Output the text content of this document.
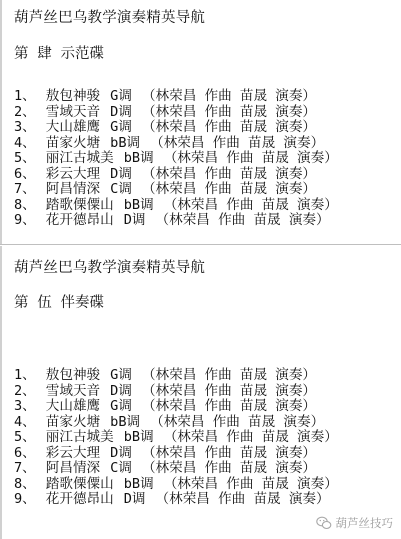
葫芦丝巴乌教学演奏精英导航
第 肆 示范碟
1、 敖包神骏 G调 （林荣昌 作曲 苗晟 演奏）
2、 雪域天音 D调 （林荣昌 作曲 苗晟 演奏）
3、 大山雄鹰 G调 （林荣昌 作曲 苗晟 演奏）
4、 苗家火塘 bB调 （林荣昌 作曲 苗晟 演奏）
5、 丽江古城美 bB调 （林荣昌 作曲 苗晟 演奏）
6、 彩云大理 D调 （林荣昌 作曲 苗晟 演奏）
7、 阿昌情深 C调 （林荣昌 作曲 苗晟 演奏）
8、 踏歌傈僳山 bB调 （林荣昌 作曲 苗晟 演奏）
9、 花开德昂山 D调 （林荣昌 作曲 苗晟 演奏）
葫芦丝巴乌教学演奏精英导航
第 伍 伴奏碟
1、 敖包神骏 G调 （林荣昌 作曲 苗晟 演奏）
2、 雪域天音 D调 （林荣昌 作曲 苗晟 演奏）
3、 大山雄鹰 G调 （林荣昌 作曲 苗晟 演奏）
4、 苗家火塘 bB调 （林荣昌 作曲 苗晟 演奏）
5、 丽江古城美 bB调 （林荣昌 作曲 苗晟 演奏）
6、 彩云大理 D调 （林荣昌 作曲 苗晟 演奏）
7、 阿昌情深 C调 （林荣昌 作曲 苗晟 演奏）
8、 踏歌傈僳山 bB调 （林荣昌 作曲 苗晟 演奏）
9、 花开德昂山 D调 （林荣昌 作曲 苗晟 演奏）
葫芦丝技巧
